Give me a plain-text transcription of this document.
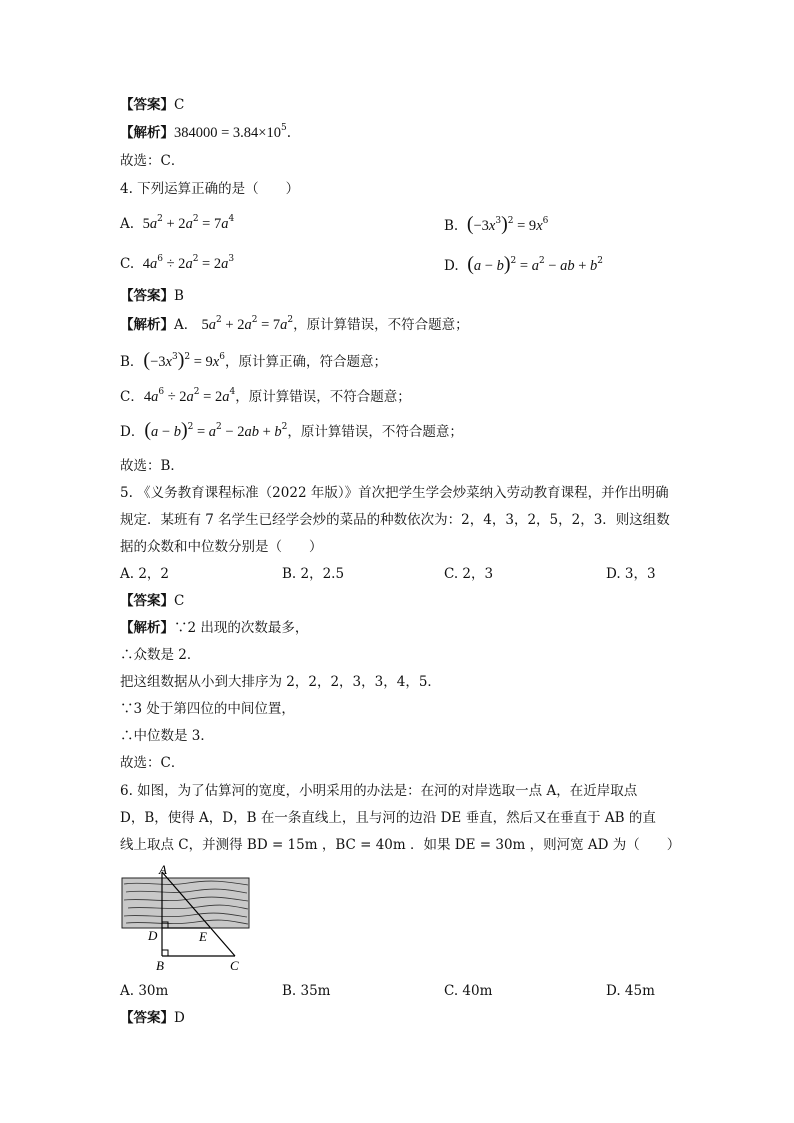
【答案】C
【解析】$384000 = 3.84\times 10^5$.
故选：C．
4. 下列运算正确的是（　　）
A. $5a^2 + 2a^2 = 7a^4$	B. $(-3x^3)^2 = 9x^6$
C. $4a^6 \div 2a^2 = 2a^3$	D. $(a - b)^2 = a^2$ − ab + $b^2$
【答案】B
【解析】A． $5a^2 + 2a^2 = 7a^2$，原计算错误，不符合题意；
B．$(-3x^3)^2 = 9x^6$，原计算正确，符合题意；
C．$4a^6 \div 2a^2 = 2a^4$，原计算错误，不符合题意；
D．$(a - b)^2 = a^2 - 2ab + b^2$，原计算错误，不符合题意；
故选：B．
5. 《义务教育课程标准（2022 年版）》首次把学生学会炒菜纳入劳动教育课程，并作出明确
规定．某班有 7 名学生已经学会炒的菜品的种数依次为：2，4，3，2，5，2，3．则这组数
据的众数和中位数分别是（　　）
A. 2，2	B. 2，2.5	C. 2，3	D. 3，3
【答案】C
【解析】∵2 出现的次数最多，
∴众数是 2．
把这组数据从小到大排序为 2，2，2，3，3，4，5．
∵3 处于第四位的中间位置，
∴中位数是 3．
故选：C．
6. 如图，为了估算河的宽度，小明采用的办法是：在河的对岸选取一点 A，在近岸取点
D，B，使得 A，D，B 在一条直线上，且与河的边沿 DE 垂直，然后又在垂直于 AB 的直
线上取点 C，并测得 BD = 15m ，BC = 40m ．如果 DE = 30m ，则河宽 AD 为（　　）
A
D	E
B	C
A. 30m	B. 35m	C. 40m	D. 45m
【答案】D
